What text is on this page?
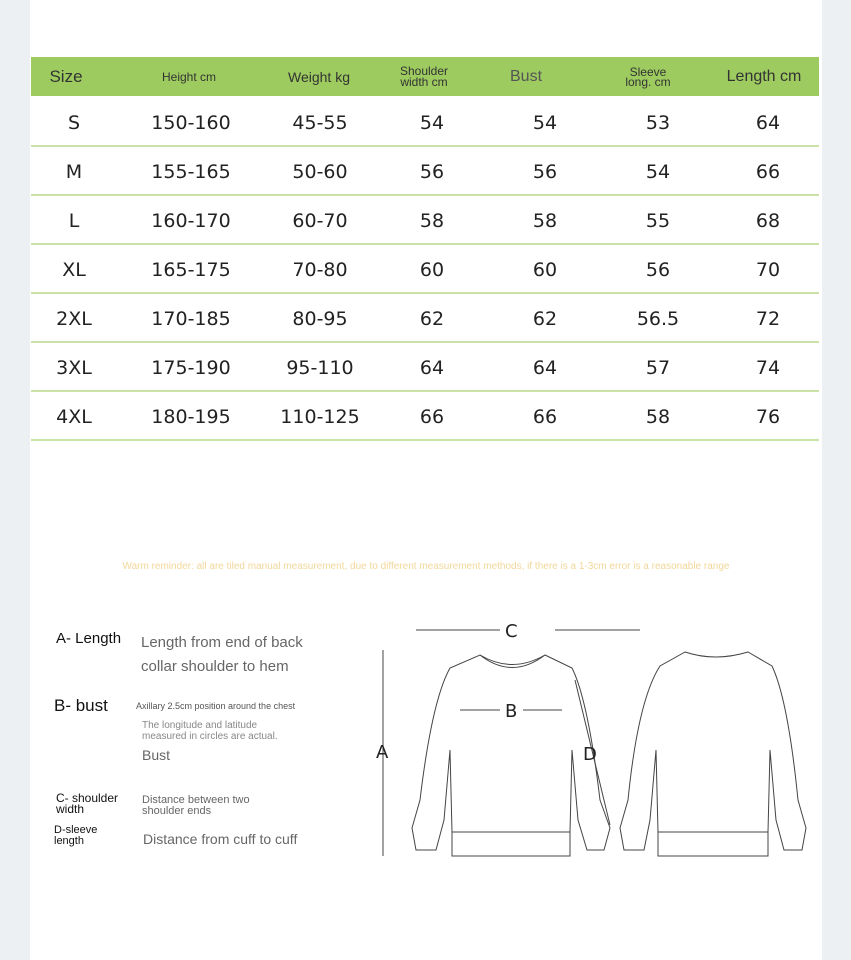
Size	Height cm	Weight kg	Shoulder width cm	Bust	Sleeve long. cm	Length cm
S	150-160	45-55	54	54	53	64
M	155-165	50-60	56	56	54	66
L	160-170	60-70	58	58	55	68
XL	165-175	70-80	60	60	56	70
2XL	170-185	80-95	62	62	56.5	72
3XL	175-190	95-110	64	64	57	74
4XL	180-195	110-125	66	66	58	76
Warm reminder: all are tiled manual measurement, due to different measurement methods, if there is a 1-3cm error is a reasonable range
A- Length Length from end of back collar shoulder to hem
B- bust	Axillary 2.5cm position around the chest
The longitude and latitude measured in circles are actual.
Bust
C- shoulder width
Distance between two shoulder ends
D-sleeve length	Distance from cuff to cuff
C
A
B
D
